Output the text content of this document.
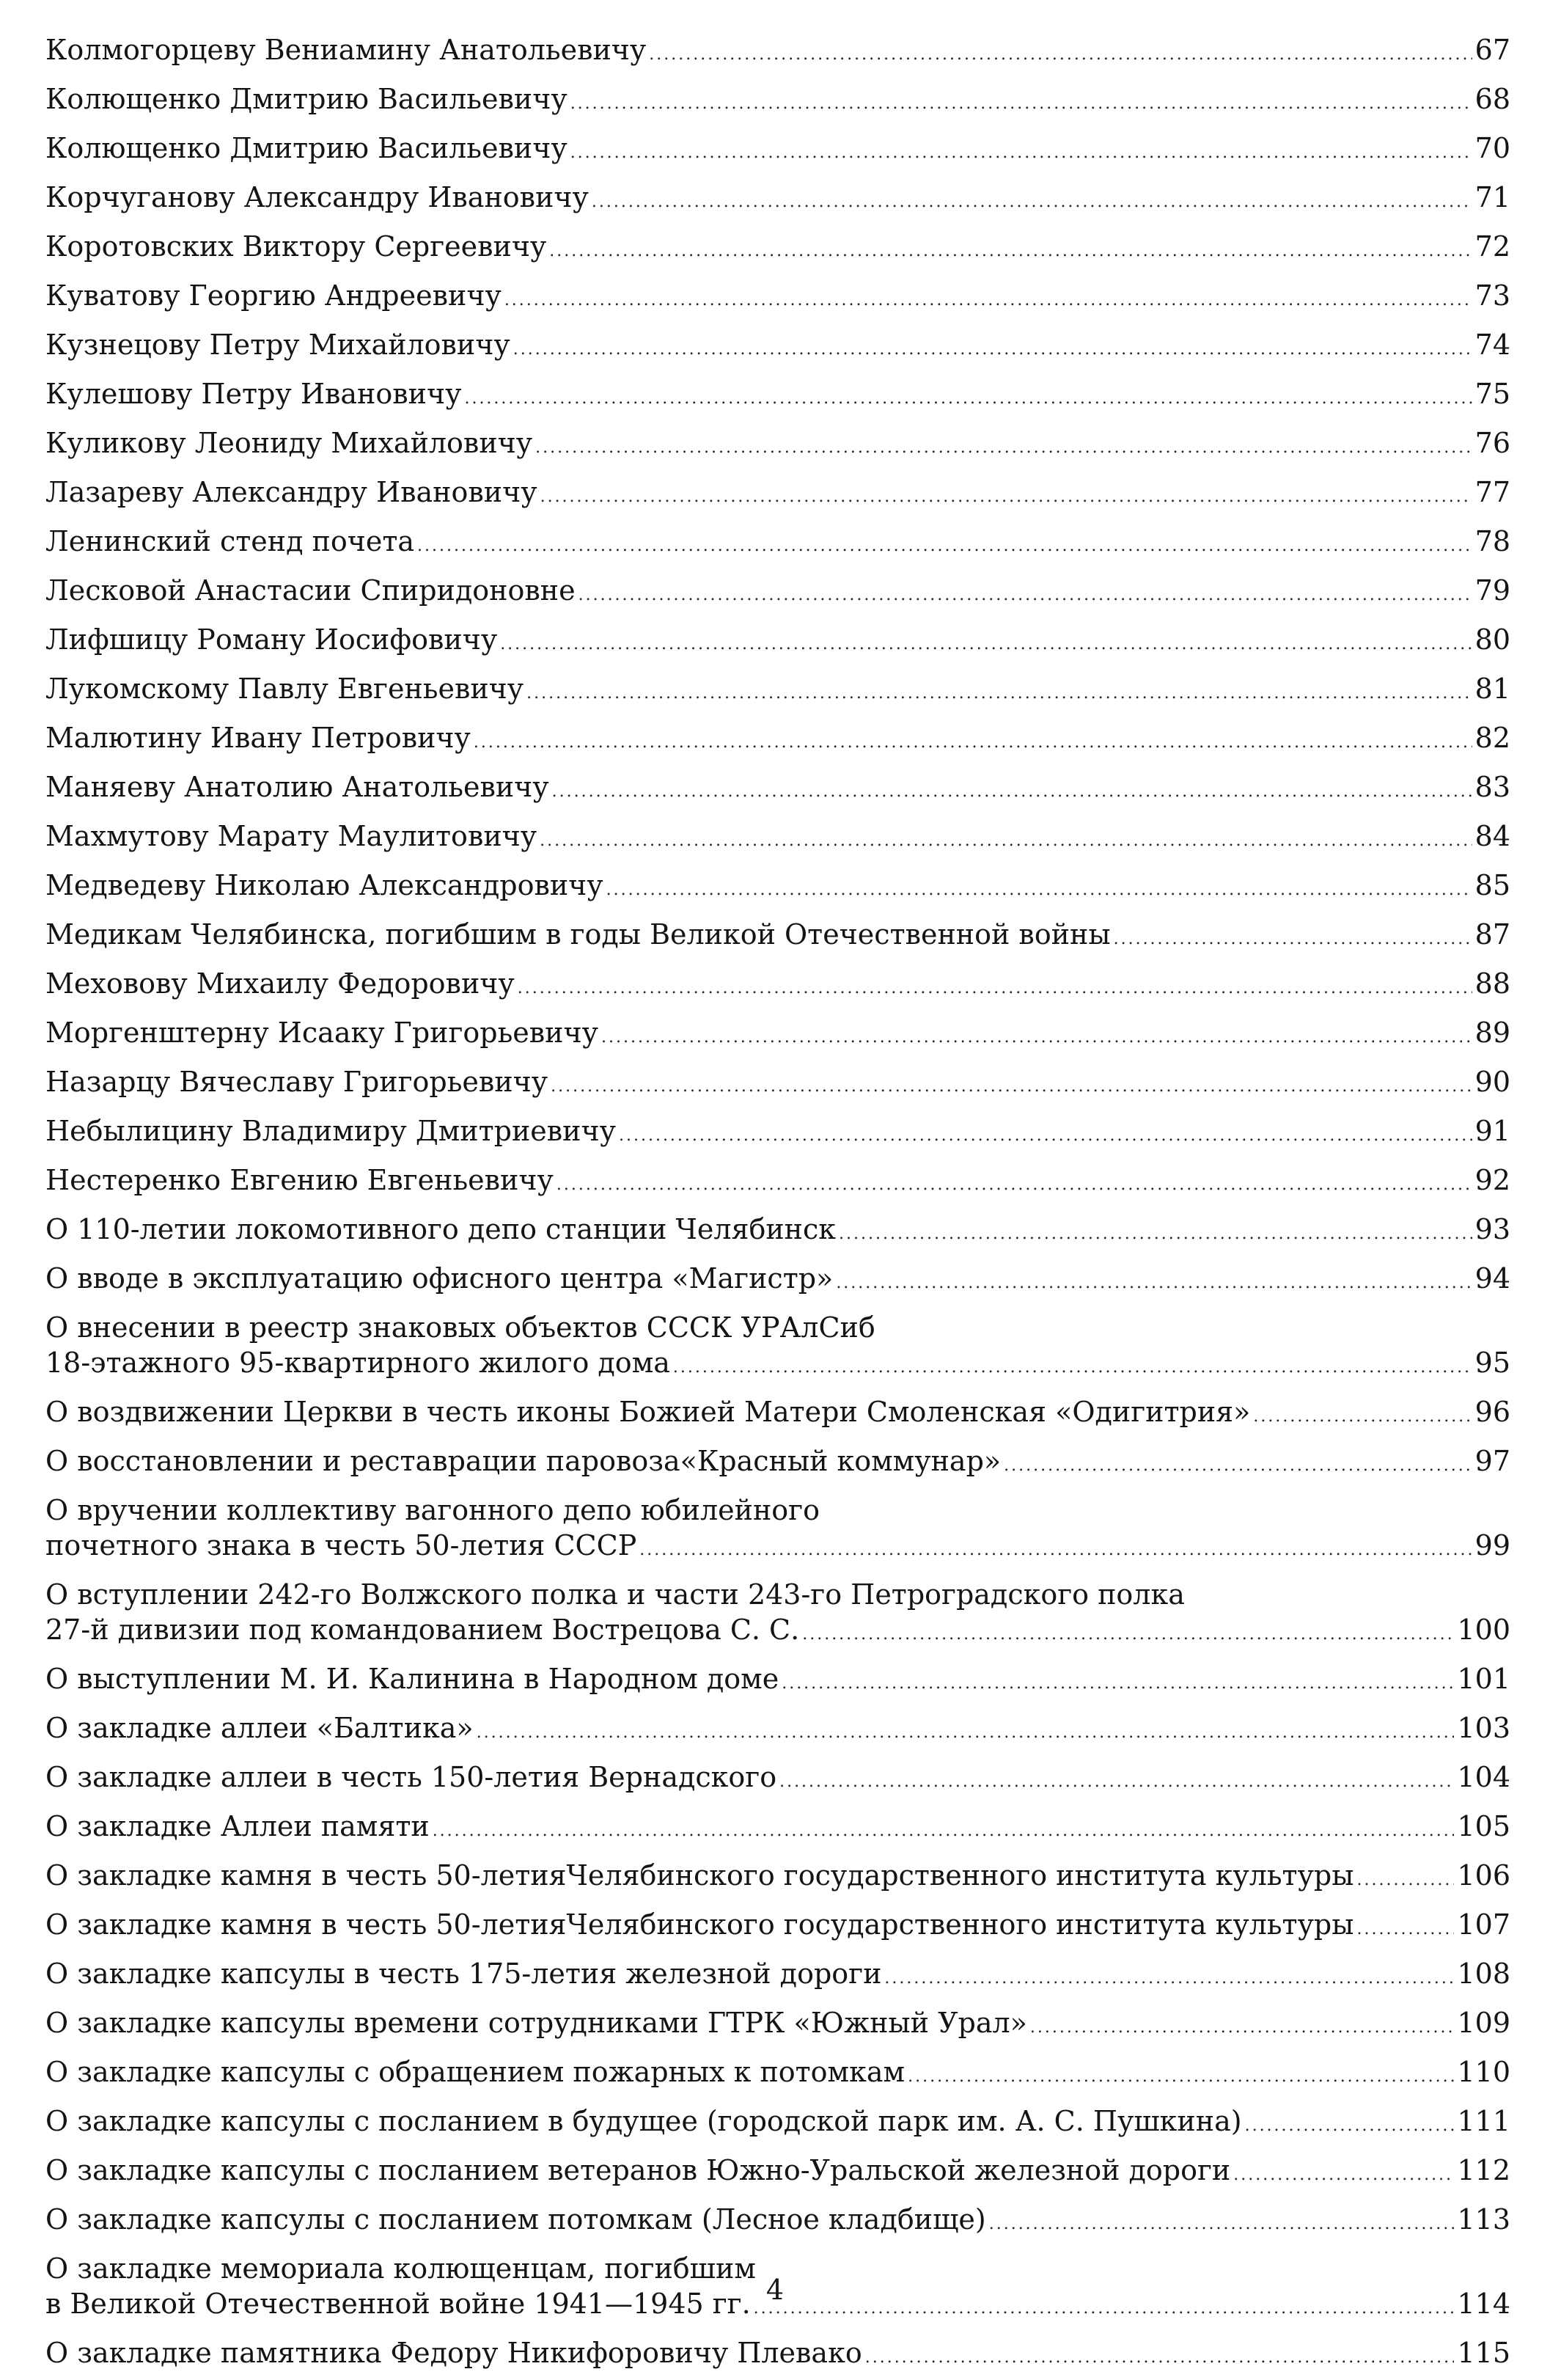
Колмогорцеву Вениамину Анатольевичу .....	67
Колющенко Дмитрию Васильевичу .....	68
Колющенко Дмитрию Васильевичу .....	70
Корчуганову Александру Ивановичу .....	71
Коротовских Виктору Сергеевичу .....	72
Куватову Георгию Андреевичу .....	73
Кузнецову Петру Михайловичу .....	74
Кулешову Петру Ивановичу .....	75
Куликову Леониду Михайловичу .....	76
Лазареву Александру Ивановичу .....	77
Ленинский стенд почета .....	78
Лесковой Анастасии Спиридоновне .....	79
Лифшицу Роману Иосифовичу .....	80
Лукомскому Павлу Евгеньевичу .....	81
Малютину Ивану Петровичу .....	82
Маняеву Анатолию Анатольевичу .....	83
Махмутову Марату Маулитовичу .....	84
Медведеву Николаю Александровичу .....	85
Медикам Челябинска, погибшим в годы Великой Отечественной войны .....	87
Меховову Михаилу Федоровичу .....	88
Моргенштерну Исааку Григорьевичу .....	89
Назарцу Вячеславу Григорьевичу .....	90
Небылицину Владимиру Дмитриевичу .....	91
Нестеренко Евгению Евгеньевичу .....	92
О 110-летии локомотивного депо станции Челябинск .....	93
О вводе в эксплуатацию офисного центра «Магистр» .....	94
О внесении в реестр знаковых объектов СССК УРАлСиб
18-этажного 95-квартирного жилого дома .....	95
О воздвижении Церкви в честь иконы Божией Матери Смоленская «Одигитрия» .....	96
О восстановлении и реставрации паровоза«Красный коммунар» .....	97
О вручении коллективу вагонного депо юбилейного
почетного знака в честь 50-летия СССР .....	99
О вступлении 242-го Волжского полка и части 243-го Петроградского полка
27-й дивизии под командованием Вострецова С. С. .....	100
О выступлении М. И. Калинина в Народном доме .....	101
О закладке аллеи «Балтика» .....	103
О закладке аллеи в честь 150-летия Вернадского .....	104
О закладке Аллеи памяти .....	105
О закладке камня в честь 50-летияЧелябинского государственного института культуры .....	106
О закладке камня в честь 50-летияЧелябинского государственного института культуры .....	107
О закладке капсулы в честь 175-летия железной дороги .....	108
О закладке капсулы времени сотрудниками ГТРК «Южный Урал» .....	109
О закладке капсулы с обращением пожарных к потомкам .....	110
О закладке капсулы с посланием в будущее (городской парк им. А. С. Пушкина) .....	111
О закладке капсулы с посланием ветеранов Южно-Уральской железной дороги .....	112
О закладке капсулы с посланием потомкам (Лесное кладбище) .....	113
О закладке мемориала колющенцам, погибшим
в Великой Отечественной войне 1941—1945 гг. .....	114
О закладке памятника Федору Никифоровичу Плевако .....	115
4
